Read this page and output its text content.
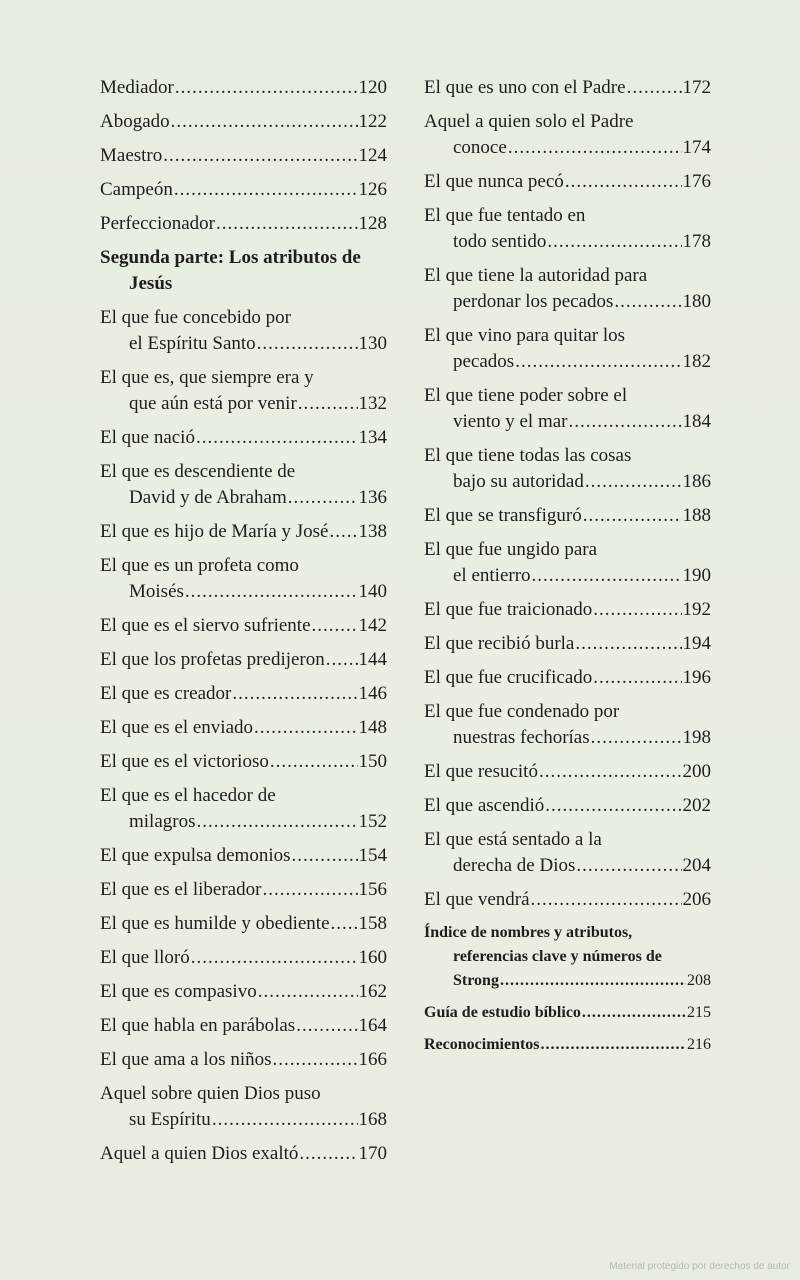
Mediador .....	120
Abogado .....	122
Maestro .....	124
Campeón .....	126
Perfeccionador .....	128
Segunda parte: Los atributos de
Jesús
El que fue concebido por
el Espíritu Santo .....	130
El que es, que siempre era y
que aún está por venir .....	132
El que nació .....	134
El que es descendiente de
David y de Abraham .....	136
El que es hijo de María y José ..... 138
El que es un profeta como
Moisés .....	140
El que es el siervo sufriente .....	142
El que los profetas predijeron ..... 144
El que es creador .....	146
El que es el enviado .....	148
El que es el victorioso .....	150
El que es el hacedor de
milagros .....	152
El que expulsa demonios .....	154
El que es el liberador .....	156
El que es humilde y obediente ..... 158
El que lloró .....	160
El que es compasivo .....	162
El que habla en parábolas .....	164
El que ama a los niños .....	166
Aquel sobre quien Dios puso
su Espíritu .....	168
Aquel a quien Dios exaltó .....	170
El que es uno con el Padre .....	172
Aquel a quien solo el Padre
conoce .....	174
El que nunca pecó .....	176
El que fue tentado en
todo sentido .....	178
El que tiene la autoridad para
perdonar los pecados .....	180
El que vino para quitar los
pecados .....	182
El que tiene poder sobre el
viento y el mar .....	184
El que tiene todas las cosas
bajo su autoridad .....	186
El que se transfiguró .....	188
El que fue ungido para
el entierro .....	190
El que fue traicionado .....	192
El que recibió burla .....	194
El que fue crucificado .....	196
El que fue condenado por
nuestras fechorías .....	198
El que resucitó .....	200
El que ascendió .....	202
El que está sentado a la
derecha de Dios .....	204
El que vendrá .....	206
Índice de nombres y atributos,
referencias clave y números de
Strong .....	208
Guía de estudio bíblico .....	215
Reconocimientos .....	216
Material protegido por derechos de autor
